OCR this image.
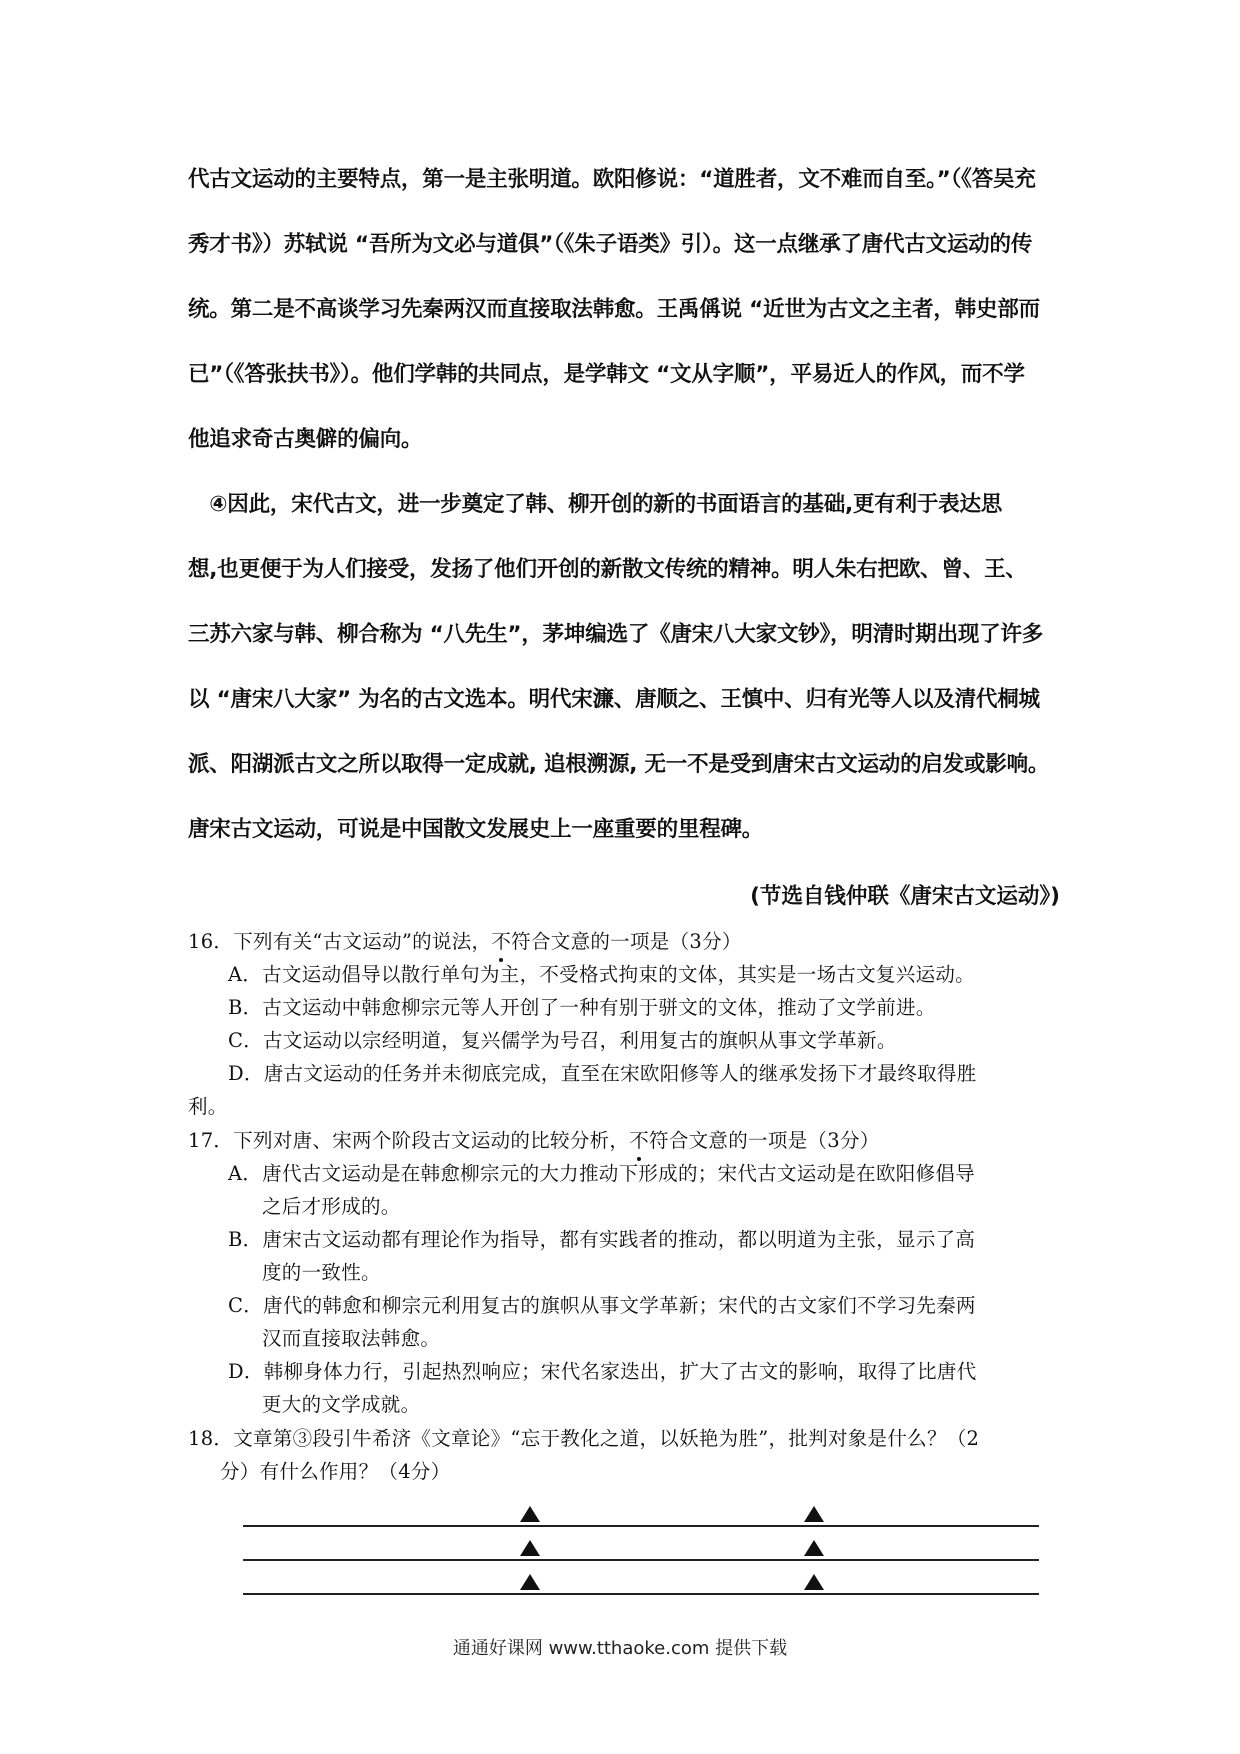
代古文运动的主要特点，第一是主张明道。欧阳修说：“道胜者，文不难而自至。”（《答吴充
秀才书》）苏轼说 “吾所为文必与道俱”（《朱子语类》引）。这一点继承了唐代古文运动的传
统。第二是不高谈学习先秦两汉而直接取法韩愈。王禹偁说 “近世为古文之主者，韩史部而
已”（《答张扶书》）。他们学韩的共同点，是学韩文 “文从字顺”，平易近人的作风，而不学
他追求奇古奥僻的偏向。
　④因此，宋代古文，进一步奠定了韩、柳开创的新的书面语言的基础,更有利于表达思
想,也更便于为人们接受，发扬了他们开创的新散文传统的精神。明人朱右把欧、曾、王、
三苏六家与韩、柳合称为 “八先生”，茅坤编选了《唐宋八大家文钞》，明清时期出现了许多
以 “唐宋八大家” 为名的古文选本。明代宋濂、唐顺之、王慎中、归有光等人以及清代桐城
派、阳湖派古文之所以取得一定成就, 追根溯源, 无一不是受到唐宋古文运动的启发或影响。
唐宋古文运动，可说是中国散文发展史上一座重要的里程碑。
(节选自钱仲联《唐宋古文运动》)
16．下列有关“古文运动”的说法，不符合文意的一项是（3分）
A．古文运动倡导以散行单句为主，不受格式拘束的文体，其实是一场古文复兴运动。
B．古文运动中韩愈柳宗元等人开创了一种有别于骈文的文体，推动了文学前进。
C．古文运动以宗经明道，复兴儒学为号召，利用复古的旗帜从事文学革新。
D．唐古文运动的任务并未彻底完成，直至在宋欧阳修等人的继承发扬下才最终取得胜
利。
17．下列对唐、宋两个阶段古文运动的比较分析，不符合文意的一项是（3分）
A．唐代古文运动是在韩愈柳宗元的大力推动下形成的；宋代古文运动是在欧阳修倡导
之后才形成的。
B．唐宋古文运动都有理论作为指导，都有实践者的推动，都以明道为主张，显示了高
度的一致性。
C．唐代的韩愈和柳宗元利用复古的旗帜从事文学革新；宋代的古文家们不学习先秦两
汉而直接取法韩愈。
D．韩柳身体力行，引起热烈响应；宋代名家迭出，扩大了古文的影响，取得了比唐代
更大的文学成就。
18．文章第③段引牛希济《文章论》“忘于教化之道，以妖艳为胜”，批判对象是什么？（2
分）有什么作用？（4分）
通通好课网 www.tthaoke.com 提供下载
